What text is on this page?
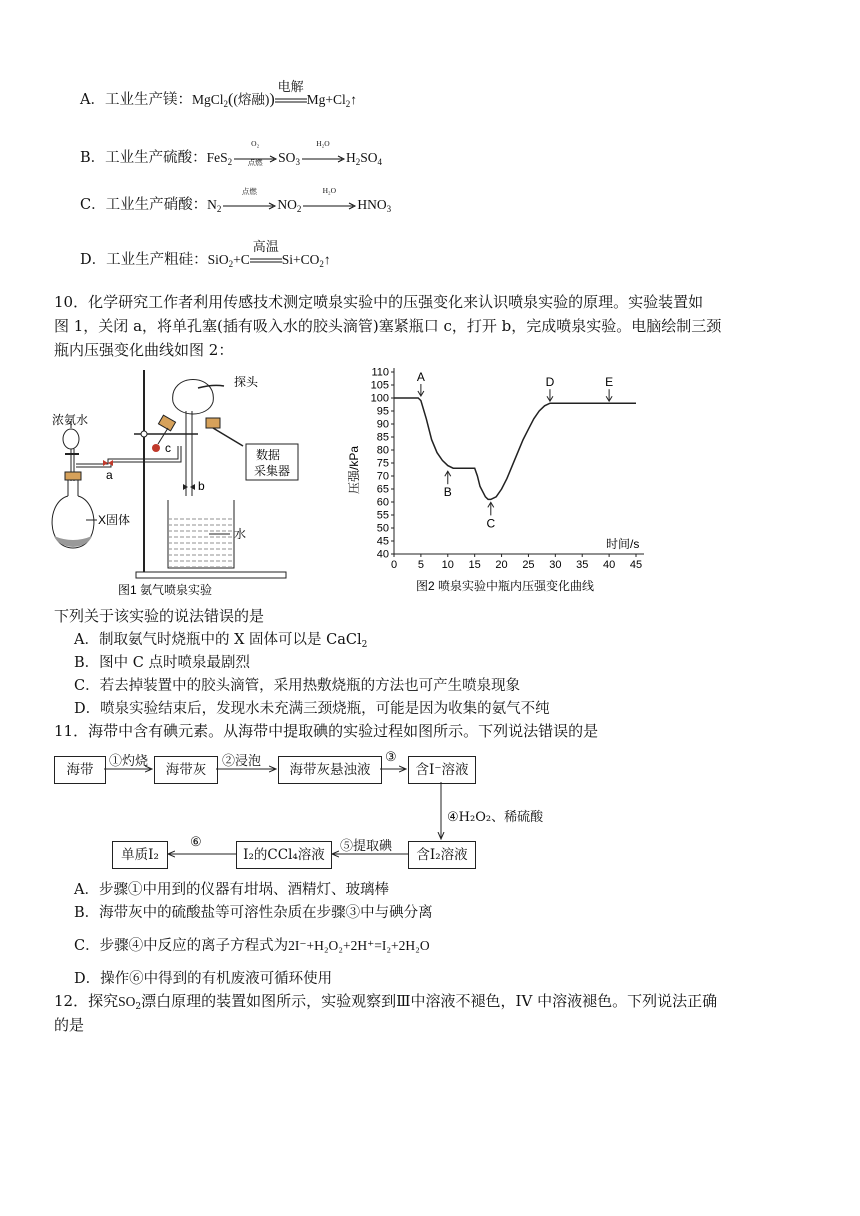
A．工业生产镁：MgCl$_2$((熔融))
电解
$Mg+Cl_2↑$
B．工业生产硫酸：FeS$_2$
O₂
点燃	$SO_3$
H₂O
$H_2SO_4$
C．工业生产硝酸：$N_2$
点燃
$NO_2$
H₂O
$HNO_3$
D．工业生产粗硅：SiO$_2$+C
高温
$Si+CO_2↑$
10．化学研究工作者利用传感技术测定喷泉实验中的压强变化来认识喷泉实验的原理。实验装置如
图 1，关闭 a，将单孔塞(插有吸入水的胶头滴管)塞紧瓶口 c，打开 b，完成喷泉实验。电脑绘制三颈
瓶内压强变化曲线如图 2：
浓氨水
a
X固体
c
探头
数据
采集器
b
水
图1 氨气喷泉实验
0 5 10 15 20 25 30 35 40 45
40
45
50
55
60
65
70
75
80
85
90
95
100
105
110 A
B
C
D	E
压强/kPa
时间/s
图2 喷泉实验中瓶内压强变化曲线
下列关于该实验的说法错误的是
A．制取氨气时烧瓶中的 X 固体可以是 CaCl$_2$
B．图中 C 点时喷泉最剧烈
C．若去掉装置中的胶头滴管，采用热敷烧瓶的方法也可产生喷泉现象
D．喷泉实验结束后，发现水未充满三颈烧瓶，可能是因为收集的氨气不纯
11．海带中含有碘元素。从海带中提取碘的实验过程如图所示。下列说法错误的是
海带	海带灰	海带灰悬浊液	含I⁻溶液
含I₂溶液
I₂的CCl₄溶液
单质I₂
①灼烧	②浸泡	③
④H₂O₂、稀硫酸
⑤提取碘
⑥
A．步骤①中用到的仪器有坩埚、酒精灯、玻璃棒
B．海带灰中的硫酸盐等可溶性杂质在步骤③中与碘分离
C．步骤④中反应的离子方程式为2I⁻+H₂O₂+2H⁺=I₂+2H₂O
D．操作⑥中得到的有机废液可循环使用
12．探究$SO_2$漂白原理的装置如图所示，实验观察到Ⅲ中溶液不褪色，IV 中溶液褪色。下列说法正确
的是
